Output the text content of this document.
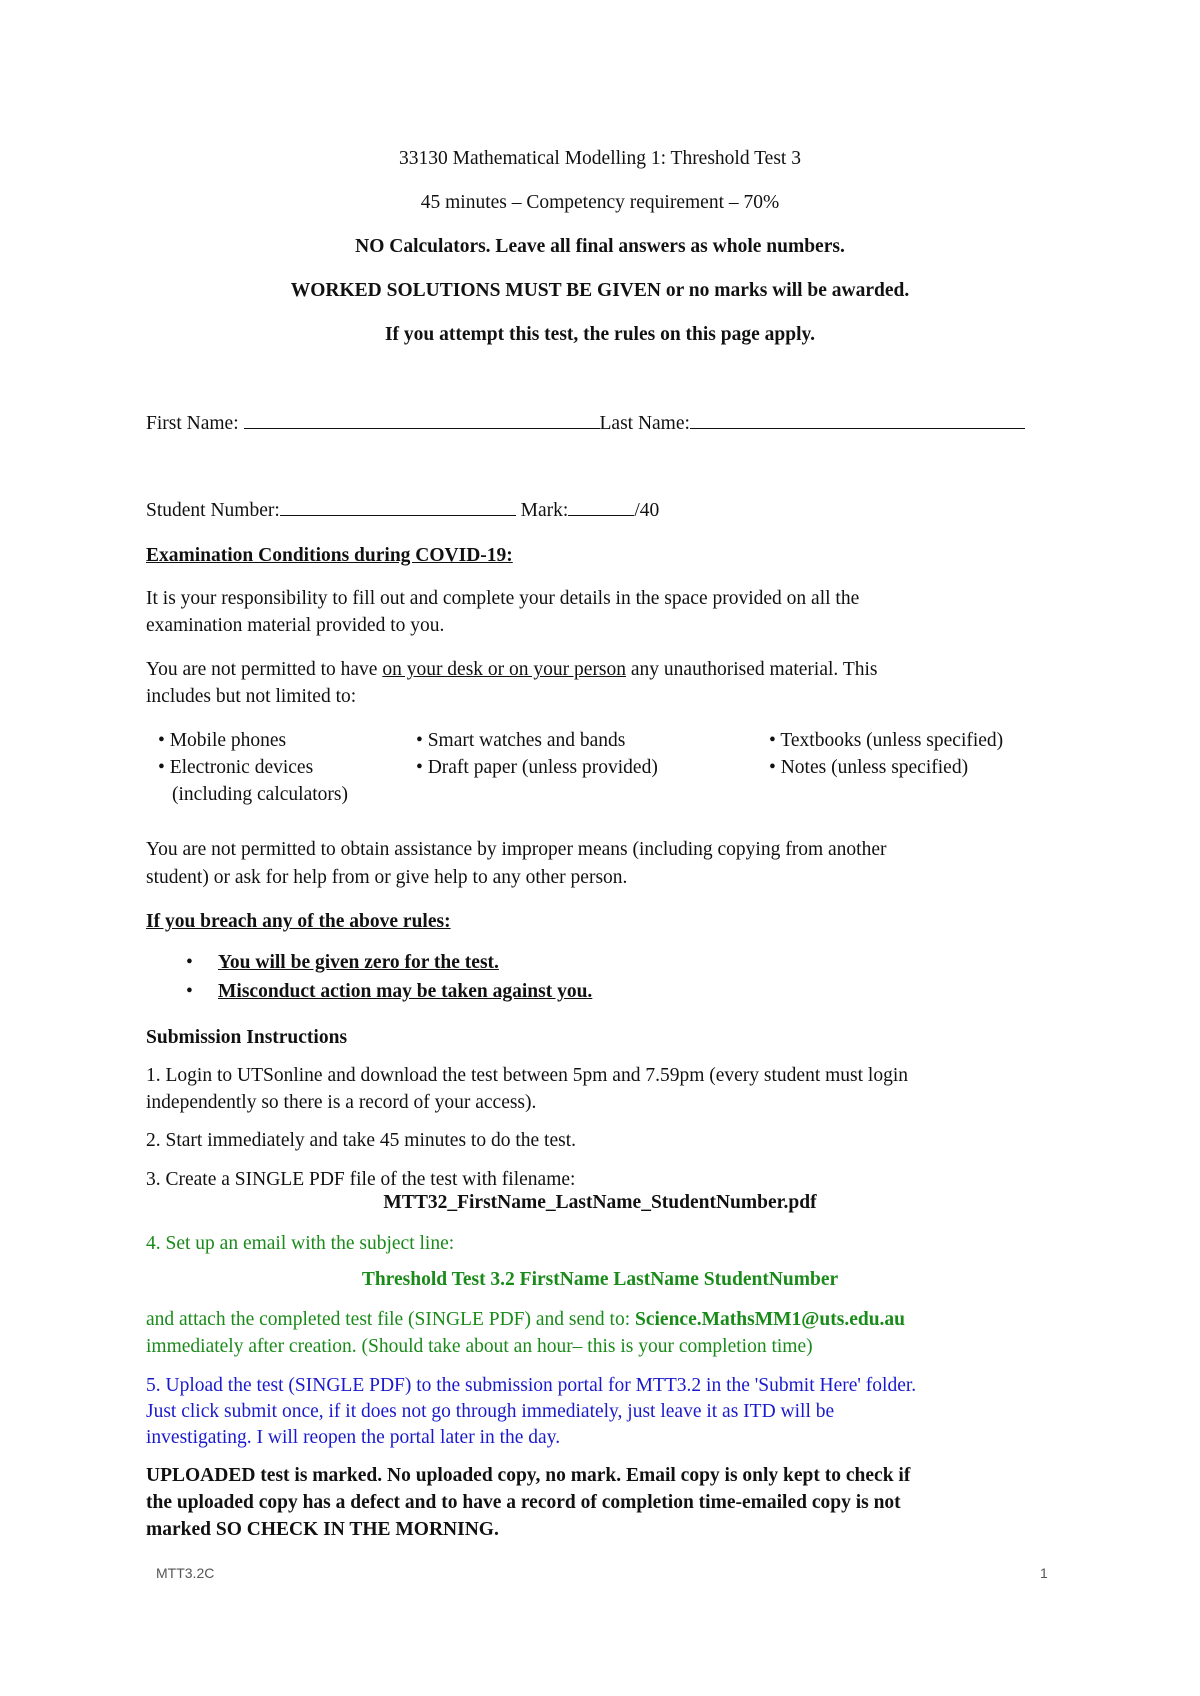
33130 Mathematical Modelling 1: Threshold Test 3
45 minutes – Competency requirement – 70%
NO Calculators. Leave all final answers as whole numbers.
WORKED SOLUTIONS MUST BE GIVEN or no marks will be awarded.
If you attempt this test, the rules on this page apply.
First Name:	Last Name:
Student Number:	Mark:	/40
Examination Conditions during COVID-19:
It is your responsibility to fill out and complete your details in the space provided on all the
examination material provided to you.
You are not permitted to have on your desk or on your person any unauthorised material. This
includes but not limited to:
• Mobile phones
• Electronic devices
(including calculators)
• Smart watches and bands
• Draft paper (unless provided)
• Textbooks (unless specified)
• Notes (unless specified)
You are not permitted to obtain assistance by improper means (including copying from another
student) or ask for help from or give help to any other person.
If you breach any of the above rules:
• You will be given zero for the test.
• Misconduct action may be taken against you.
Submission Instructions
1. Login to UTSonline and download the test between 5pm and 7.59pm (every student must login
independently so there is a record of your access).
2. Start immediately and take 45 minutes to do the test.
3. Create a SINGLE PDF file of the test with filename:
MTT32_FirstName_LastName_StudentNumber.pdf
4. Set up an email with the subject line:
Threshold Test 3.2 FirstName LastName StudentNumber
and attach the completed test file (SINGLE PDF) and send to: Science.MathsMM1@uts.edu.au
immediately after creation. (Should take about an hour– this is your completion time)
5. Upload the test (SINGLE PDF) to the submission portal for MTT3.2 in the 'Submit Here' folder.
Just click submit once, if it does not go through immediately, just leave it as ITD will be
investigating. I will reopen the portal later in the day.
UPLOADED test is marked. No uploaded copy, no mark. Email copy is only kept to check if
the uploaded copy has a defect and to have a record of completion time-emailed copy is not
marked SO CHECK IN THE MORNING.
MTT3.2C	1
